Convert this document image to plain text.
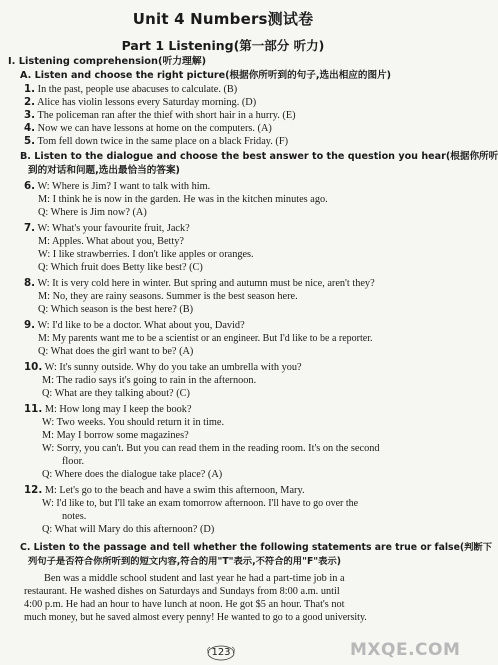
Unit 4 Numbers测试卷
Part 1 Listening(第一部分 听力)
Ⅰ. Listening comprehension(听力理解)
A. Listen and choose the right picture(根据你所听到的句子,选出相应的图片)
1. In the past, people use abacuses to calculate. (B)
2. Alice has violin lessons every Saturday morning. (D)
3. The policeman ran after the thief with short hair in a hurry. (E)
4. Now we can have lessons at home on the computers. (A)
5. Tom fell down twice in the same place on a black Friday. (F)
B. Listen to the dialogue and choose the best answer to the question you hear(根据你所听
到的对话和问题,选出最恰当的答案)
6. W: Where is Jim? I want to talk with him.
M: I think he is now in the garden. He was in the kitchen minutes ago.
Q: Where is Jim now? (A)
7. W: What's your favourite fruit, Jack?
M: Apples. What about you, Betty?
W: I like strawberries. I don't like apples or oranges.
Q: Which fruit does Betty like best? (C)
8. W: It is very cold here in winter. But spring and autumn must be nice, aren't they?
M: No, they are rainy seasons. Summer is the best season here.
Q: Which season is the best here? (B)
9. W: I'd like to be a doctor. What about you, David?
M: My parents want me to be a scientist or an engineer. But I'd like to be a reporter.
Q: What does the girl want to be? (A)
10. W: It's sunny outside. Why do you take an umbrella with you?
M: The radio says it's going to rain in the afternoon.
Q: What are they talking about? (C)
11. M: How long may I keep the book?
W: Two weeks. You should return it in time.
M: May I borrow some magazines?
W: Sorry, you can't. But you can read them in the reading room. It's on the second
floor.
Q: Where does the dialogue take place? (A)
12. M: Let's go to the beach and have a swim this afternoon, Mary.
W: I'd like to, but I'll take an exam tomorrow afternoon. I'll have to go over the
notes.
Q: What will Mary do this afternoon? (D)
C. Listen to the passage and tell whether the following statements are true or false(判断下
列句子是否符合你所听到的短文内容,符合的用"T"表示,不符合的用"F"表示)
Ben was a middle school student and last year he had a part-time job in a
restaurant. He washed dishes on Saturdays and Sundays from 8:00 a.m. until
4:00 p.m. He had an hour to have lunch at noon. He got $5 an hour. That's not
much money, but he saved almost every penny! He wanted to go to a good university.
123	MXQE.COM
